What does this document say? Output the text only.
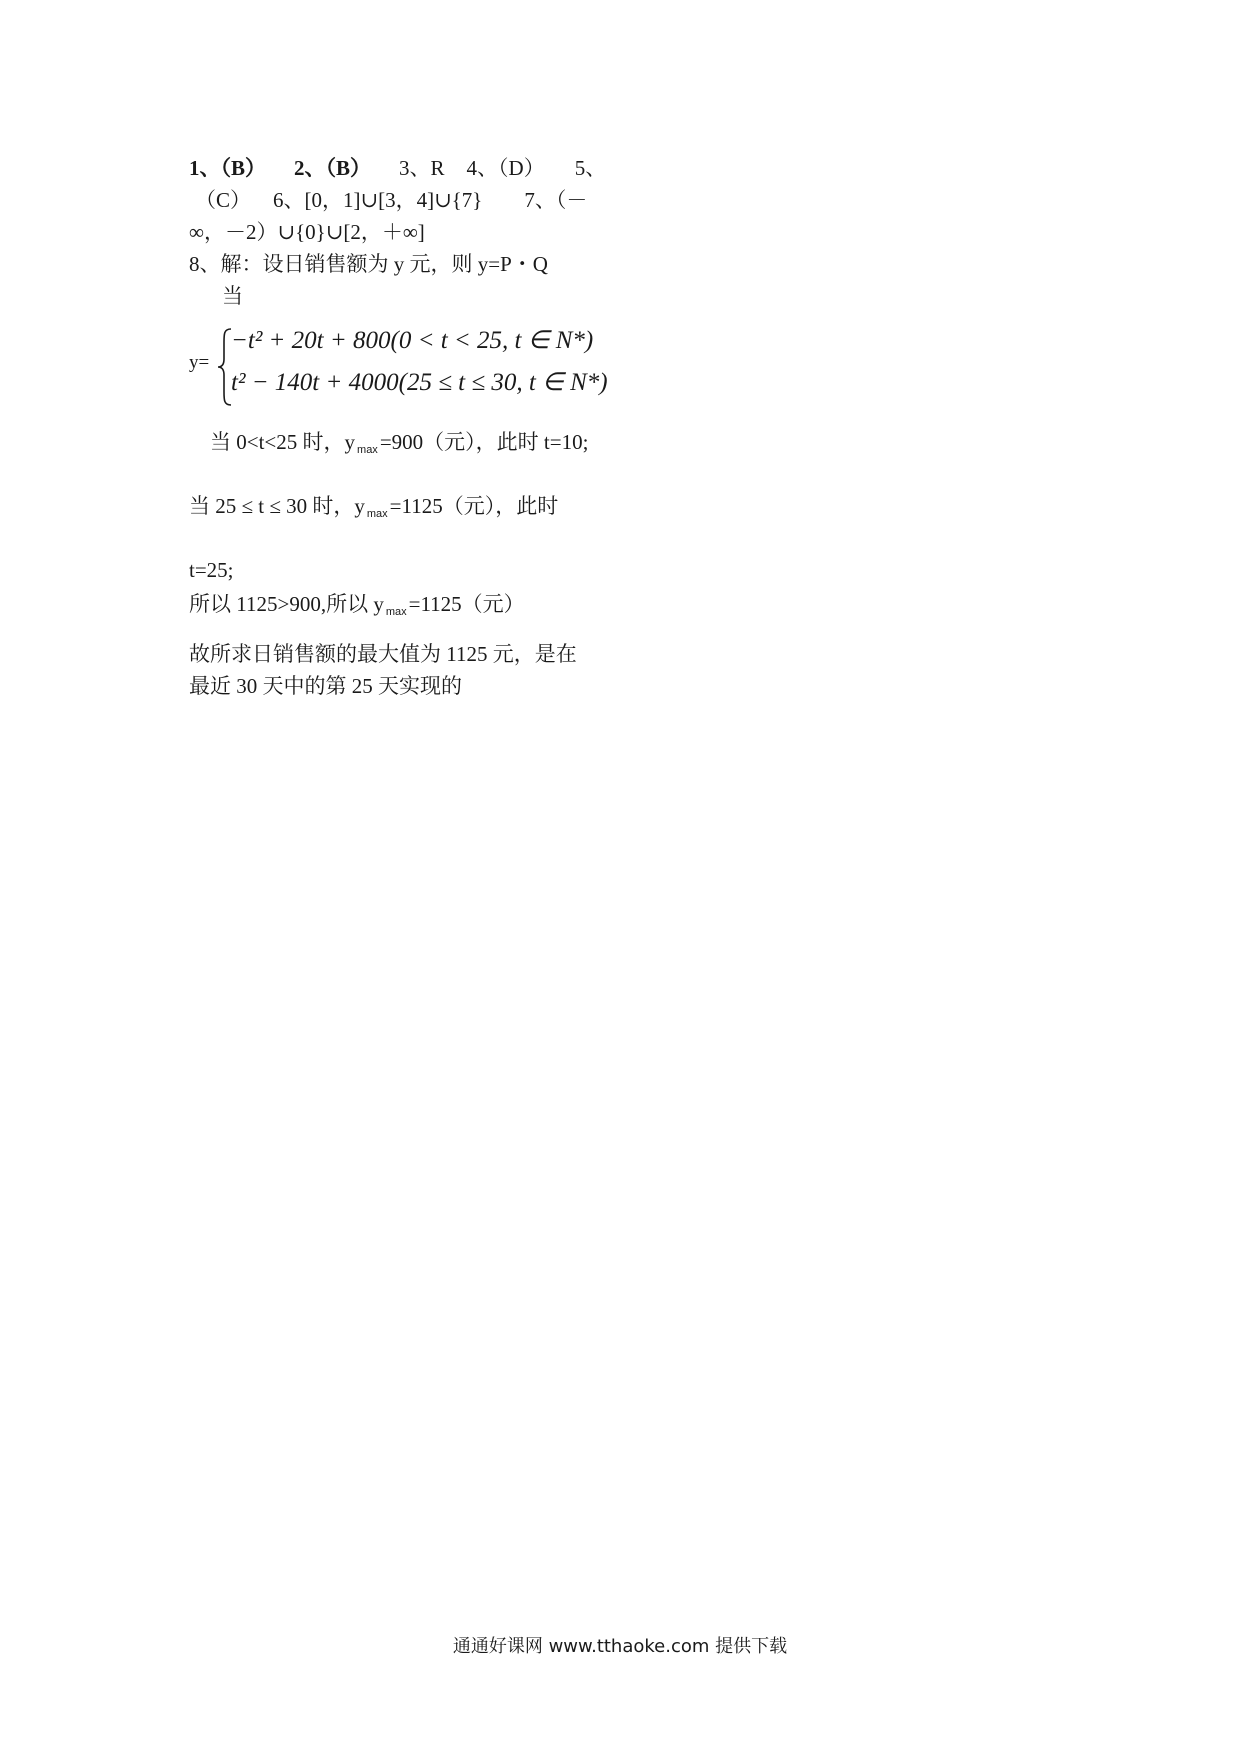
1、（B） 2、（B） 3、R 4、（D） 5、
（C） 6、[0，1]∪[3，4]∪{7} 7、（－
∞，－2）∪{0}∪[2，＋∞]
8、解：设日销售额为 y 元，则 y=P・Q
当
y=
−t² + 20t + 800(0 < t < 25, t ∈ N*)
t² − 140t + 4000(25 ≤ t ≤ 30, t ∈ N*)
当 0<t<25 时，y $_{max}$=900（元），此时 t=10;
当 25 ≤ t ≤ 30 时，y $_{max}$=1125（元），此时
t=25;
所以 1125>900,所以 y $_{max}$=1125（元）
故所求日销售额的最大值为 1125 元，是在
最近 30 天中的第 25 天实现的
通通好课网 www.tthaoke.com 提供下载
